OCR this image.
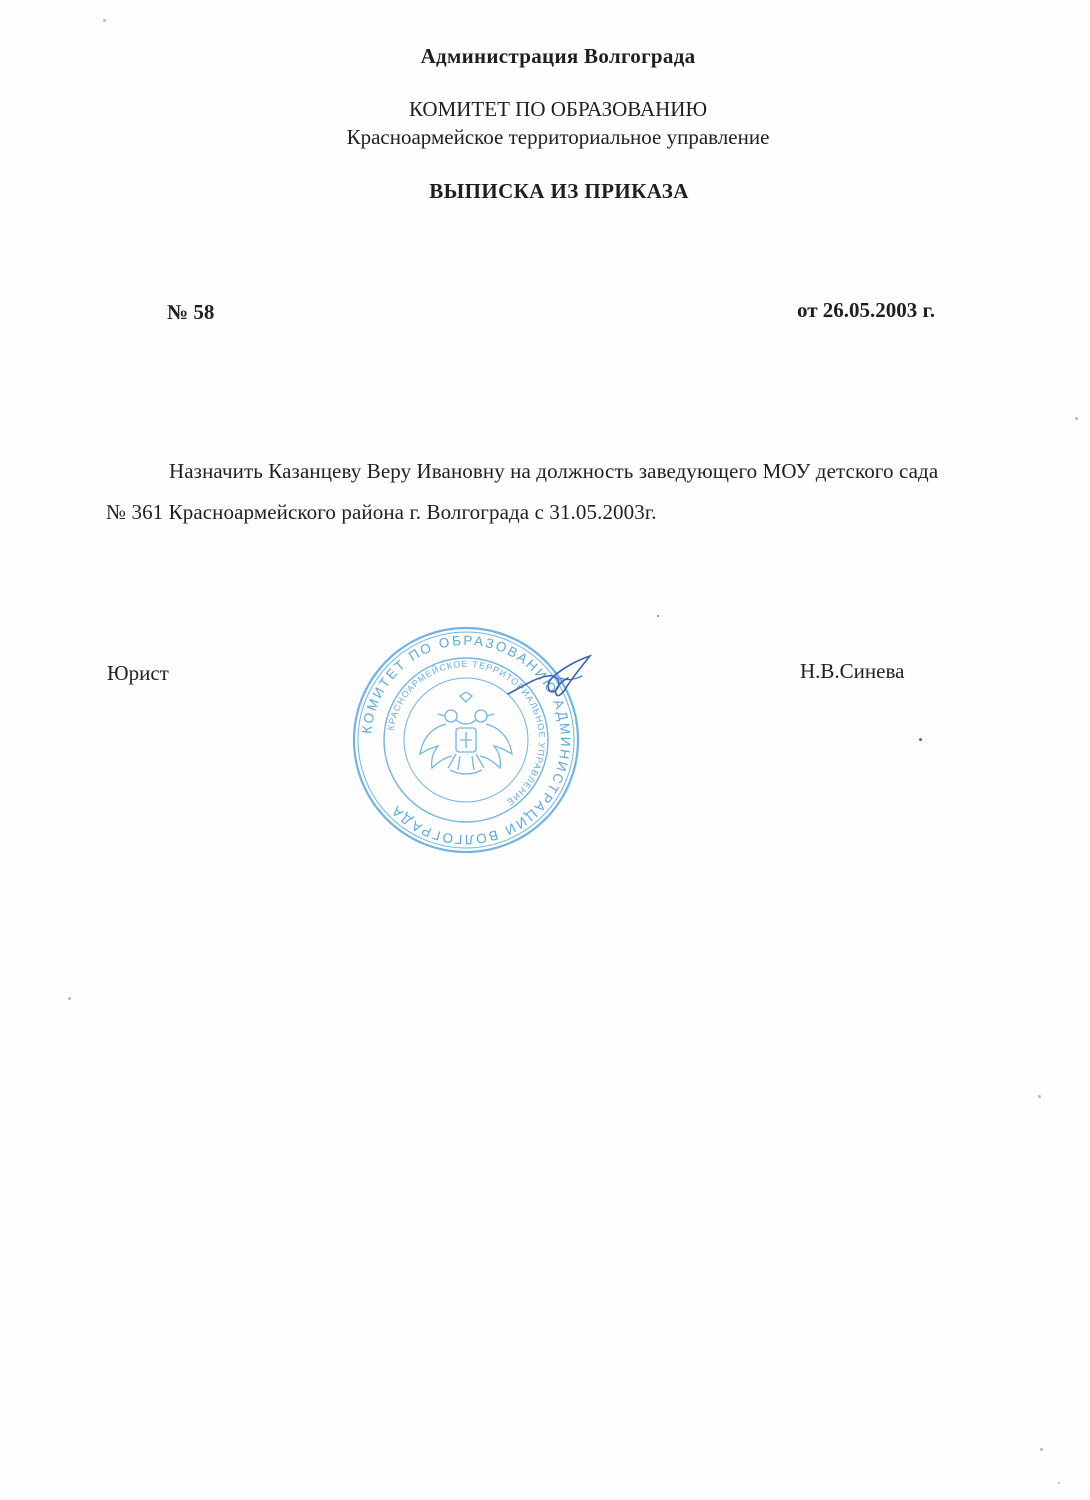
Администрация Волгограда
КОМИТЕТ ПО ОБРАЗОВАНИЮ
Красноармейское территориальное управление
ВЫПИСКА ИЗ ПРИКАЗА
№ 58	от 26.05.2003 г.
Назначить Казанцеву Веру Ивановну на должность заведующего МОУ детского сада
№ 361 Красноармейского района г. Волгограда с 31.05.2003г.
Юрист	Н.В.Синева
КОМИТЕТ ПО ОБРАЗОВАНИЮ АДМИНИСТРАЦИИ ВОЛГОГРАДА
КРАСНОАРМЕЙСКОЕ ТЕРРИТОРИАЛЬНОЕ УПРАВЛЕНИЕ
